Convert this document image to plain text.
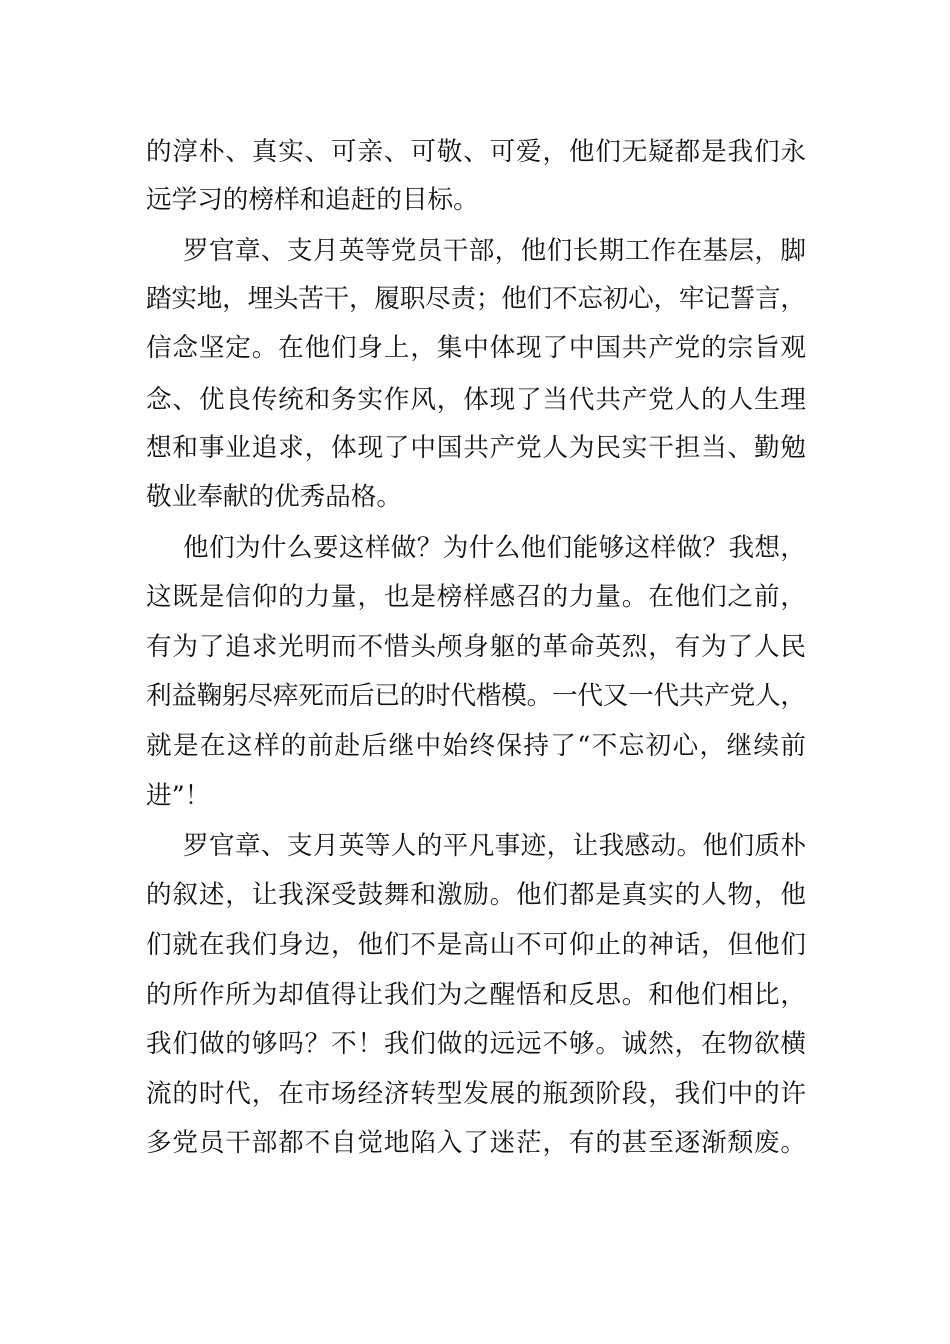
的淳朴、真实、可亲、可敬、可爱，他们无疑都是我们永
远学习的榜样和追赶的目标。
罗官章、支月英等党员干部，他们长期工作在基层，脚
踏实地，埋头苦干，履职尽责；他们不忘初心，牢记誓言，
信念坚定。在他们身上，集中体现了中国共产党的宗旨观
念、优良传统和务实作风，体现了当代共产党人的人生理
想和事业追求，体现了中国共产党人为民实干担当、勤勉
敬业奉献的优秀品格。
他们为什么要这样做？为什么他们能够这样做？我想，
这既是信仰的力量，也是榜样感召的力量。在他们之前，
有为了追求光明而不惜头颅身躯的革命英烈，有为了人民
利益鞠躬尽瘁死而后已的时代楷模。一代又一代共产党人，
就是在这样的前赴后继中始终保持了“不忘初心，继续前
进”！
罗官章、支月英等人的平凡事迹，让我感动。他们质朴
的叙述，让我深受鼓舞和激励。他们都是真实的人物，他
们就在我们身边，他们不是高山不可仰止的神话，但他们
的所作所为却值得让我们为之醒悟和反思。和他们相比，
我们做的够吗？不！我们做的远远不够。诚然，在物欲横
流的时代，在市场经济转型发展的瓶颈阶段，我们中的许
多党员干部都不自觉地陷入了迷茫，有的甚至逐渐颓废。
